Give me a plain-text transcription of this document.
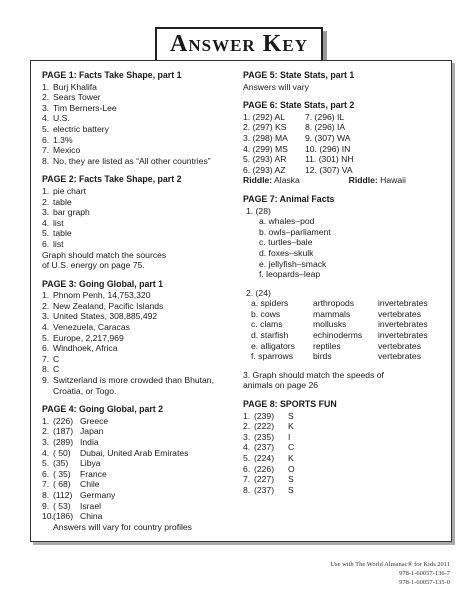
Answer Key
PAGE 1: Facts Take Shape, part 1
1. Burj Khalifa
2. Sears Tower
3. Tim Berners-Lee
4. U.S.
5. electric battery
6. 1.3%
7. Mexico
8. No, they are listed as “All other countries”
PAGE 2: Facts Take Shape, part 2
1. pie chart
2. table
3. bar graph
4. list
5. table
6. list
Graph should match the sources of U.S. energy on page 75.
PAGE 3: Going Global, part 1
1. Phnom Penh, 14,753,320
2. New Zealand, Pacific Islands
3. United States, 308,885,492
4. Venezuela, Caracas
5. Europe, 2,217,969
6. Windhoek, Africa
7. C
8. C
9. Switzerland is more crowded than Bhutan, Croatia, or Togo.
PAGE 4: Going Global, part 2
1. (226) Greece
2. (187) Japan
3. (289) India
4. ( 50) Dubai, United Arab Emirates
5. (35) Libya
6. ( 35) France
7. ( 68) Chile
8. (112) Germany
9. ( 53) Israel
10.(186) China
Answers will vary for country profiles
PAGE 5: State Stats, part 1
Answers will vary
PAGE 6: State Stats, part 2
1. (292) AL	7. (296) IL
2. (297) KS	8. (296) IA
3. (298) MA	9. (307) WA
4. (299) MS	10. (296) IN
5. (293) AR	11. (301) NH
6. (293) AZ	12. (307) VA
Riddle: Alaska	Riddle: Hawaii
PAGE 7: Animal Facts
1. (28)
a. whales–pod
b. owls–parliament
c. turtles–bale
d. foxes–skulk
e. jellyfish–smack
f. leopards–leap
2. (24)
a. spiders	arthropods	invertebrates
b. cows	mammals	vertebrates
c. clams	mollusks	invertebrates
d. starfish	echinoderms	invertebrates
e. alligators	reptiles	vertebrates
f. sparrows	birds	vertebrates
3. Graph should match the speeds of animals on page 26
PAGE 8: SPORTS FUN
1. (239) S
2. (222) K
3. (235) I
4. (237) C
5. (224) K
6. (226) O
7. (227) S
8. (237) S
Use with The World Almanac® for Kids 2011
978-1-60057-136-7
978-1-60057-135-0
